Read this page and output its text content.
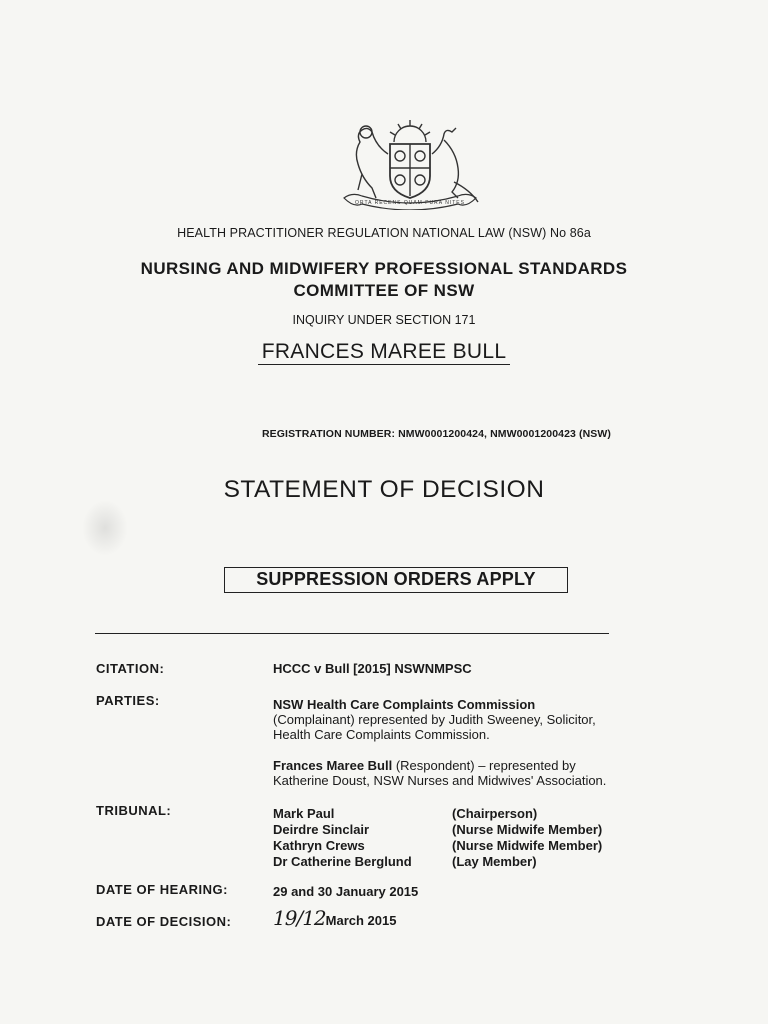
ORTA RECENS QUAM PURA NITES
HEALTH PRACTITIONER REGULATION NATIONAL LAW (NSW) No 86a
NURSING AND MIDWIFERY PROFESSIONAL STANDARDS
COMMITTEE OF NSW
INQUIRY UNDER SECTION 171
FRANCES MAREE BULL
REGISTRATION NUMBER: NMW0001200424, NMW0001200423 (NSW)
STATEMENT OF DECISION
SUPPRESSION ORDERS APPLY
CITATION:	HCCC v Bull [2015] NSWNMPSC
PARTIES:	NSW Health Care Complaints Commission
(Complainant) represented by Judith Sweeney, Solicitor,
Health Care Complaints Commission.
Frances Maree Bull (Respondent) – represented by
Katherine Doust, NSW Nurses and Midwives' Association.
TRIBUNAL:	Mark Paul	(Chairperson)
Deirdre Sinclair	(Nurse Midwife Member)
Kathryn Crews	(Nurse Midwife Member)
Dr Catherine Berglund	(Lay Member)
DATE OF HEARING:	29 and 30 January 2015
DATE OF DECISION: 19/12March 2015
